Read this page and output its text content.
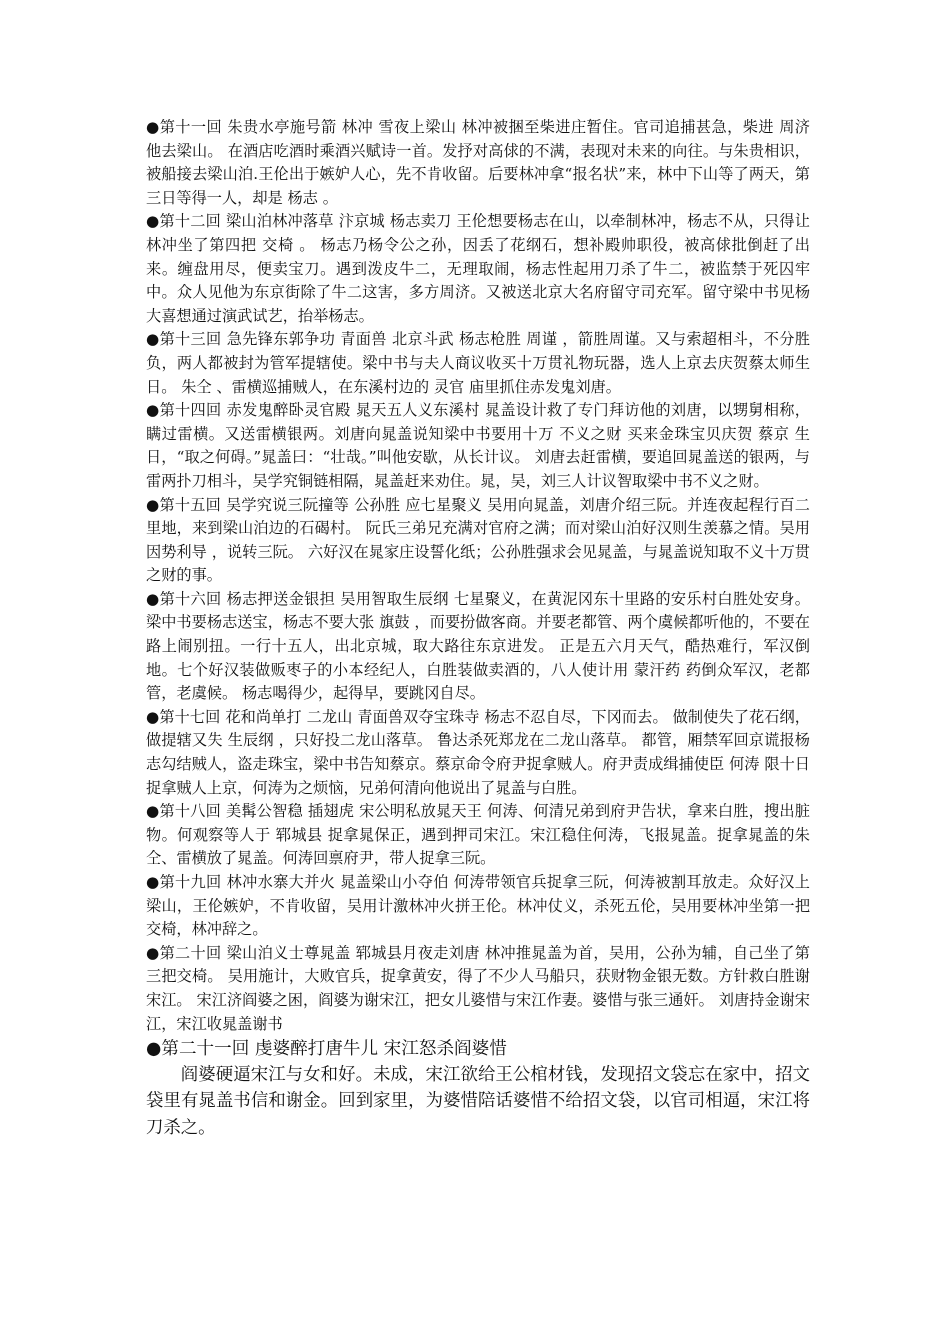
●第十一回 朱贵水亭施号箭 林冲 雪夜上梁山 林冲被捆至柴进庄暂住。官司追捕甚急，柴进 周济 他去梁山。 在酒店吃酒时乘酒兴赋诗一首。发抒对高俅的不满，表现对未来的向往。与朱贵相识，被船接去梁山泊.王伦出于嫉妒人心，先不肯收留。后要林冲拿“报名状”来，林中下山等了两天，第三日等得一人，却是 杨志 。

●第十二回 梁山泊林冲落草 汴京城 杨志卖刀 王伦想要杨志在山，以牵制林冲，杨志不从，只得让林冲坐了第四把 交椅 。 杨志乃杨令公之孙，因丢了花纲石，想补殿帅职役，被高俅批倒赶了出来。缠盘用尽，便卖宝刀。遇到泼皮牛二，无理取闹，杨志性起用刀杀了牛二，被监禁于死囚牢中。众人见他为东京街除了牛二这害，多方周济。又被送北京大名府留守司充军。留守梁中书见杨大喜想通过演武试艺，抬举杨志。

●第十三回 急先锋东郭争功 青面兽 北京斗武 杨志枪胜 周谨 ，箭胜周谨。又与索超相斗，不分胜负，两人都被封为管军提辖使。梁中书与夫人商议收买十万贯礼物玩器，选人上京去庆贺蔡太师生日。 朱仝 、雷横巡捕贼人，在东溪村边的 灵官 庙里抓住赤发鬼刘唐。

●第十四回 赤发鬼醉卧灵官殿 晁天五人义东溪村 晁盖设计救了专门拜访他的刘唐，以甥舅相称，瞒过雷横。又送雷横银两。刘唐向晁盖说知梁中书要用十万 不义之财 买来金珠宝贝庆贺 蔡京 生日，“取之何碍。”晁盖曰：“壮哉。”叫他安歇，从长计议。 刘唐去赶雷横，要追回晁盖送的银两，与雷两扑刀相斗，吴学究铜链相隔，晁盖赶来劝住。晁，吴，刘三人计议智取梁中书不义之财。

●第十五回 吴学究说三阮撞等 公孙胜 应七星聚义 吴用向晁盖，刘唐介绍三阮。并连夜起程行百二里地，来到梁山泊边的石碣村。 阮氏三弟兄充满对官府之满；而对梁山泊好汉则生羡慕之情。吴用 因势利导 ，说转三阮。 六好汉在晁家庄设誓化纸；公孙胜强求会见晁盖，与晁盖说知取不义十万贯之财的事。

●第十六回 杨志押送金银担 吴用智取生辰纲 七星聚义，在黄泥冈东十里路的安乐村白胜处安身。 梁中书要杨志送宝，杨志不要大张 旗鼓 ，而要扮做客商。并要老都管、两个虞候都听他的，不要在路上闹别扭。一行十五人，出北京城，取大路往东京进发。 正是五六月天气，酷热难行，军汉倒地。七个好汉装做贩枣子的小本经纪人，白胜装做卖酒的，八人使计用 蒙汗药 药倒众军汉，老都管，老虞候。 杨志喝得少，起得早，要跳冈自尽。

●第十七回 花和尚单打 二龙山 青面兽双夺宝珠寺 杨志不忍自尽，下冈而去。 做制使失了花石纲，做提辖又失 生辰纲 ，只好投二龙山落草。 鲁达杀死郑龙在二龙山落草。 都管，厢禁军回京谎报杨志勾结贼人，盗走珠宝，梁中书告知蔡京。蔡京命令府尹捉拿贼人。府尹责成缉捕使臣 何涛 限十日捉拿贼人上京，何涛为之烦恼，兄弟何清向他说出了晁盖与白胜。

●第十八回 美髯公智稳 插翅虎 宋公明私放晁天王 何涛、何清兄弟到府尹告状，拿来白胜，搜出脏物。何观察等人于 郓城县 捉拿晁保正，遇到押司宋江。宋江稳住何涛，飞报晁盖。捉拿晁盖的朱仝、雷横放了晁盖。何涛回禀府尹，带人捉拿三阮。

●第十九回 林冲水寨大并火 晁盖梁山小夺伯 何涛带领官兵捉拿三阮，何涛被割耳放走。众好汉上梁山，王伦嫉妒，不肯收留，吴用计激林冲火拼王伦。林冲仗义，杀死五伦，吴用要林冲坐第一把交椅，林冲辞之。

●第二十回 梁山泊义士尊晁盖 郓城县月夜走刘唐 林冲推晁盖为首，吴用，公孙为辅，自己坐了第三把交椅。 吴用施计，大败官兵，捉拿黄安，得了不少人马船只，获财物金银无数。方针救白胜谢宋江。 宋江济阎婆之困，阎婆为谢宋江，把女儿婆惜与宋江作妻。婆惜与张三通奸。 刘唐持金谢宋江，宋江收晁盖谢书

●第二十一回 虔婆醉打唐牛儿 宋江怒杀阎婆惜

阎婆硬逼宋江与女和好。未成，宋江欲给王公棺材钱，发现招文袋忘在家中，招文袋里有晁盖书信和谢金。回到家里，为婆惜陪话婆惜不给招文袋，以官司相逼，宋江将刀杀之。
